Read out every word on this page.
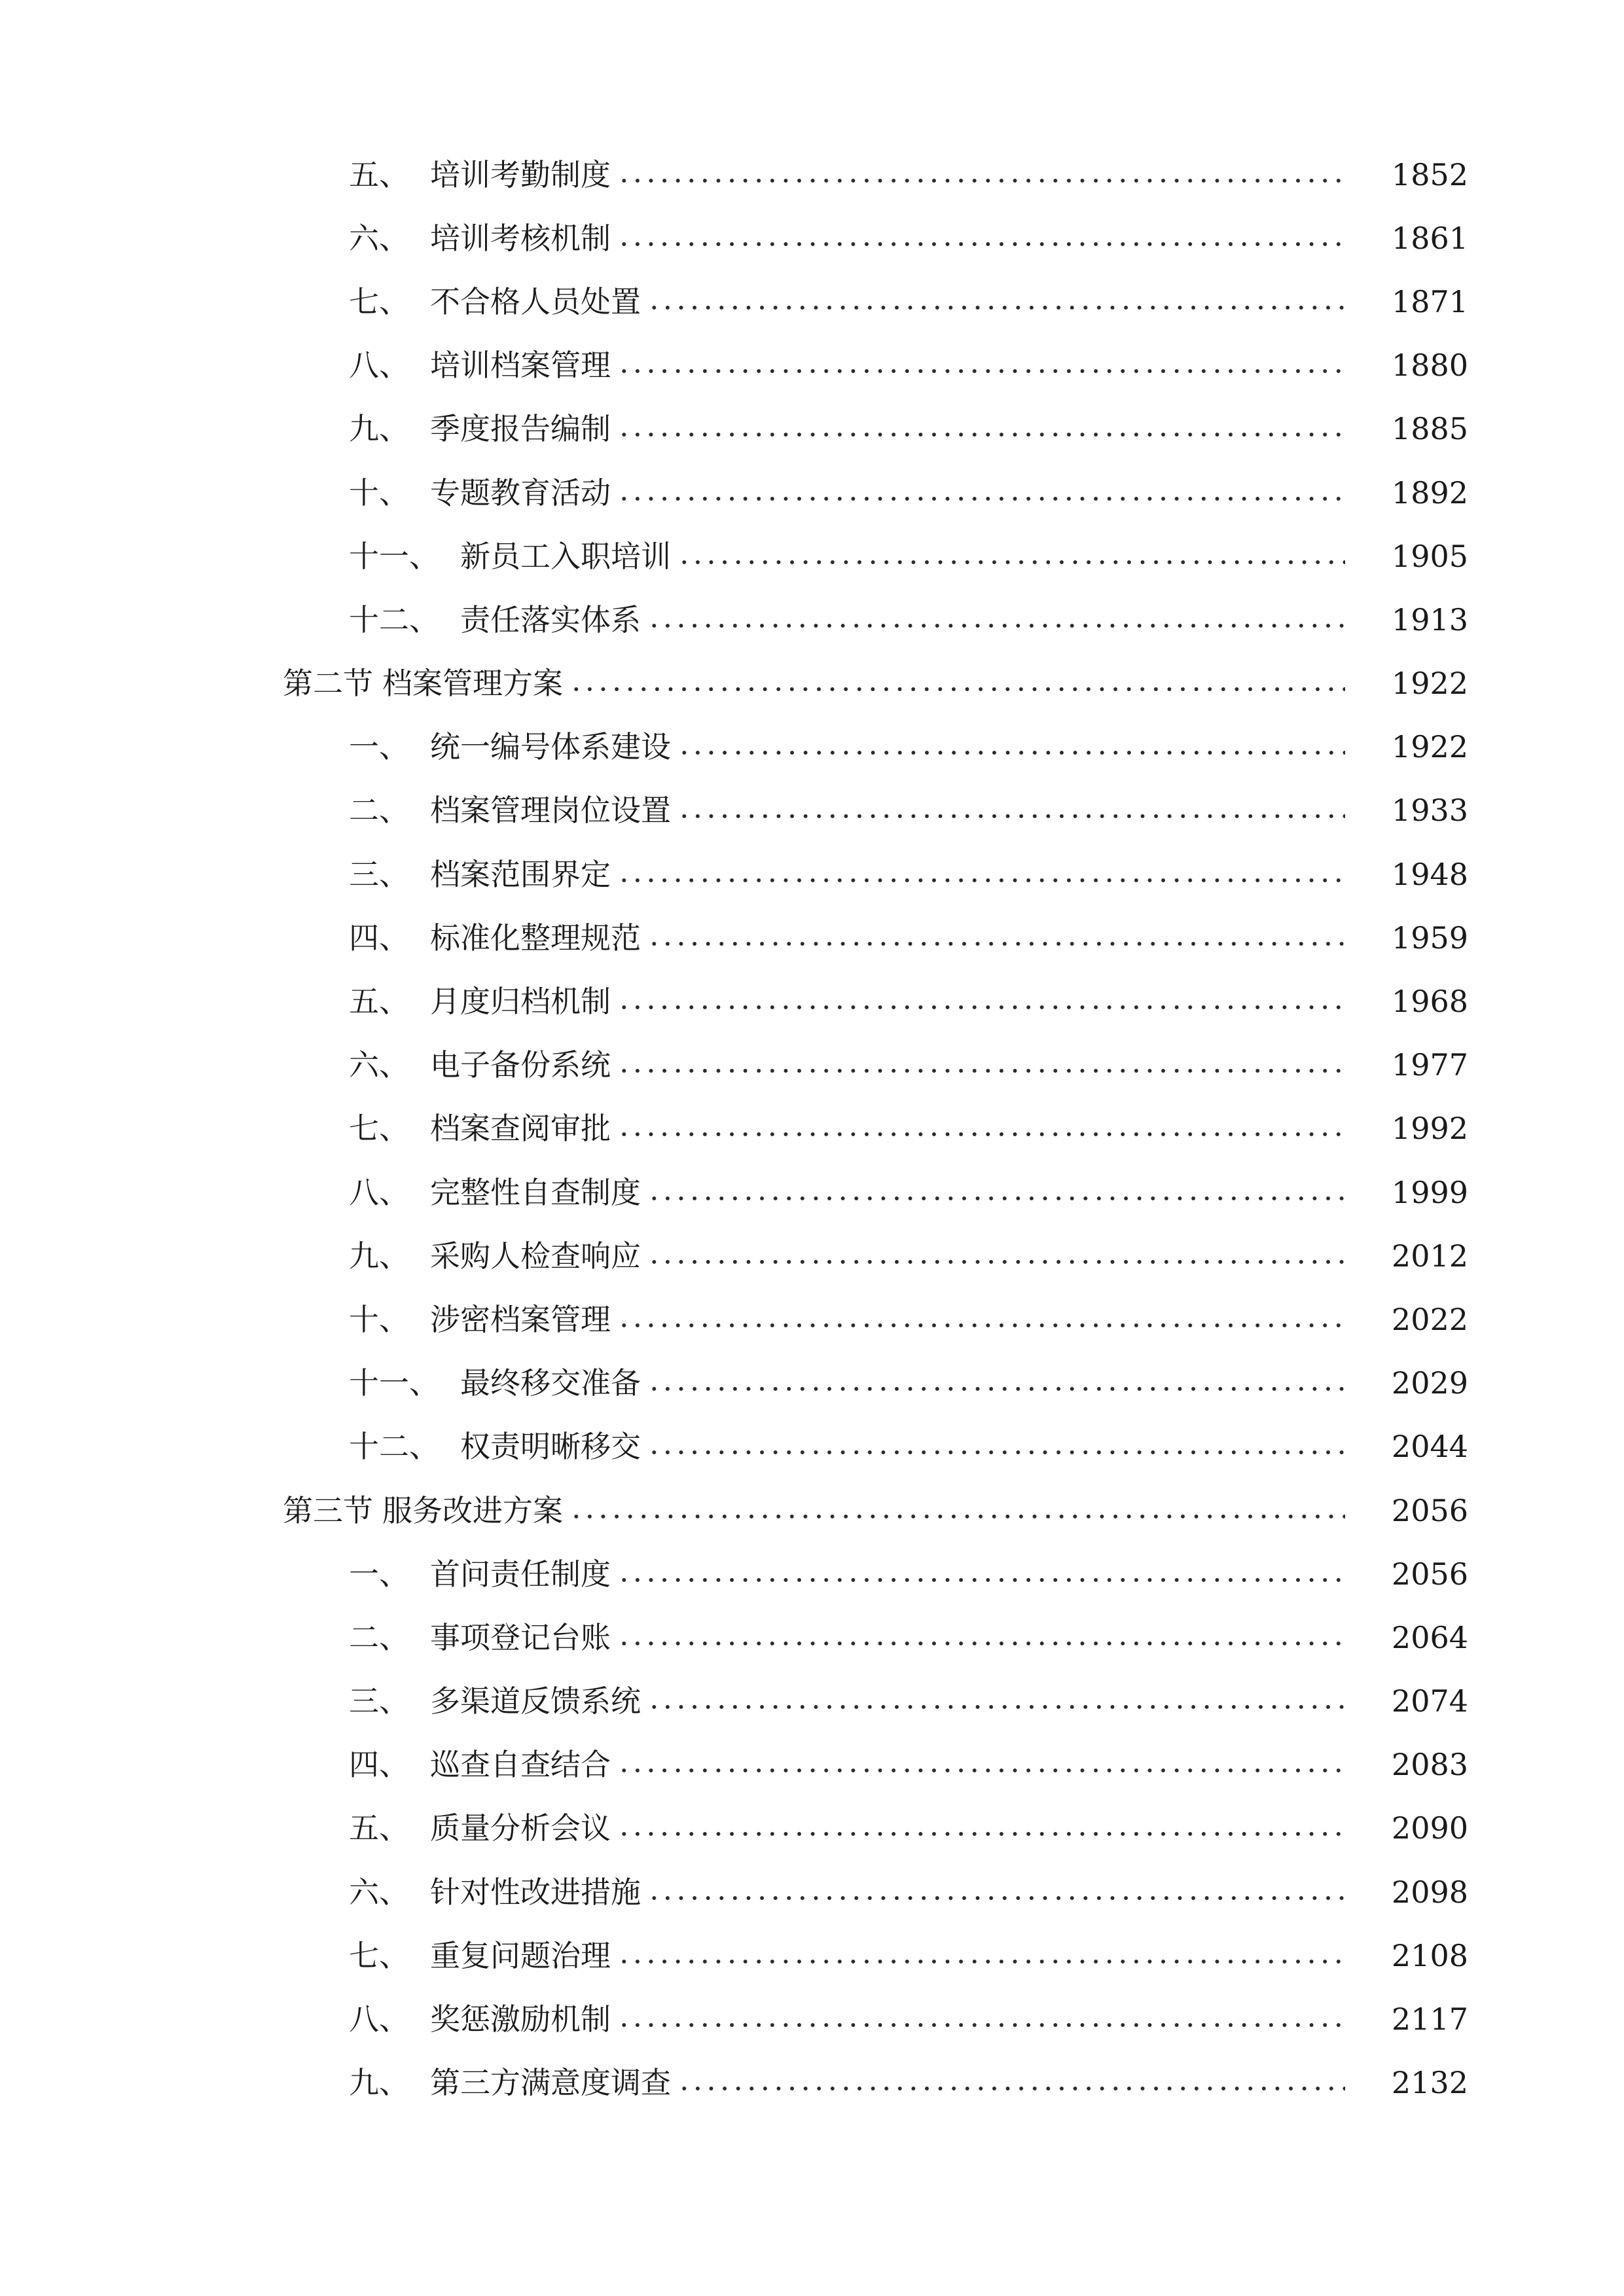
五、 培训考勤制度	1852
六、 培训考核机制	1861
七、 不合格人员处置	1871
八、 培训档案管理	1880
九、 季度报告编制	1885
十、 专题教育活动	1892
十一、 新员工入职培训	1905
十二、 责任落实体系	1913
第二节 档案管理方案	1922
一、 统一编号体系建设	1922
二、 档案管理岗位设置	1933
三、 档案范围界定	1948
四、 标准化整理规范	1959
五、 月度归档机制	1968
六、 电子备份系统	1977
七、 档案查阅审批	1992
八、 完整性自查制度	1999
九、 采购人检查响应	2012
十、 涉密档案管理	2022
十一、 最终移交准备	2029
十二、 权责明晰移交	2044
第三节 服务改进方案	2056
一、 首问责任制度	2056
二、 事项登记台账	2064
三、 多渠道反馈系统	2074
四、 巡查自查结合	2083
五、 质量分析会议	2090
六、 针对性改进措施	2098
七、 重复问题治理	2108
八、 奖惩激励机制	2117
九、 第三方满意度调查	2132
